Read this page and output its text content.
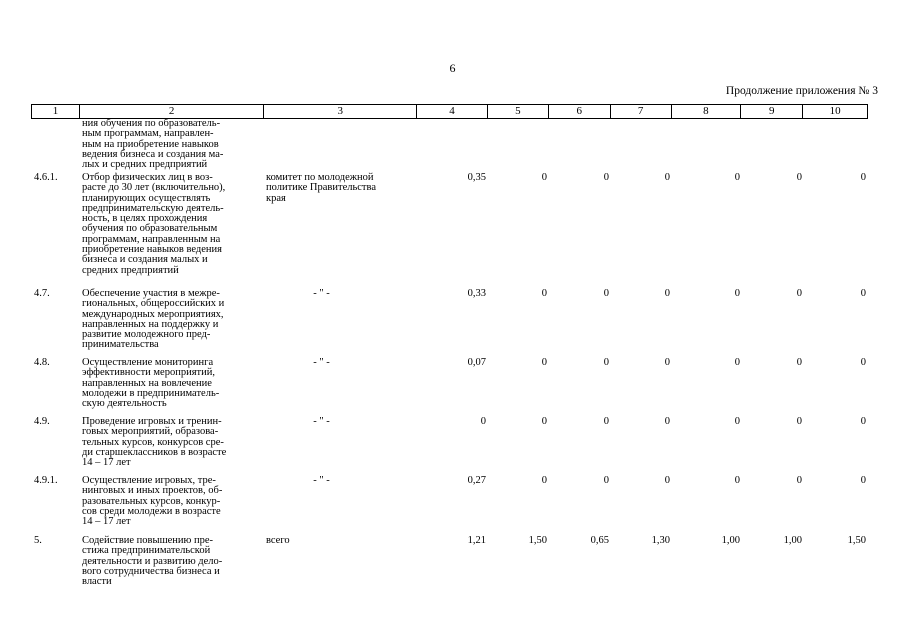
6
Продолжение приложения № 3
1	2	3	4	5	6	7	8	9	10
ния обучения по образователь-
ным программам, направлен-
ным на приобретение навыков
ведения бизнеса и создания ма-
лых и средних предприятий
4.6.1.	Отбор физических лиц в воз-
расте до 30 лет (включительно),
планирующих осуществлять
предпринимательскую деятель-
ность, в целях прохождения
обучения по образовательным
программам, направленным на
приобретение навыков ведения
бизнеса и создания малых и
средних предприятий
комитет по молодежной
политике Правительства
края
0,35	0	0	0	0	0	0
4.7.	Обеспечение участия в межре-
гиональных, общероссийских и
международных мероприятиях,
направленных на поддержку и
развитие молодежного пред-
принимательства
- " -	0,33	0	0	0	0	0	0
4.8.	Осуществление мониторинга
эффективности мероприятий,
направленных на вовлечение
молодежи в предприниматель-
скую деятельность
- " -	0,07	0	0	0	0	0	0
4.9.	Проведение игровых и тренин-
говых мероприятий, образова-
тельных курсов, конкурсов сре-
ди старшеклассников в возрасте
14 – 17 лет
- " -	0	0	0	0	0	0	0
4.9.1.	Осуществление игровых, тре-
нинговых и иных проектов, об-
разовательных курсов, конкур-
сов среди молодежи в возрасте
14 – 17 лет
- " -	0,27	0	0	0	0	0	0
5.	Содействие повышению пре-
стижа предпринимательской
деятельности и развитию дело-
вого сотрудничества бизнеса и
власти
всего	1,21	1,50	0,65	1,30	1,00	1,00	1,50
